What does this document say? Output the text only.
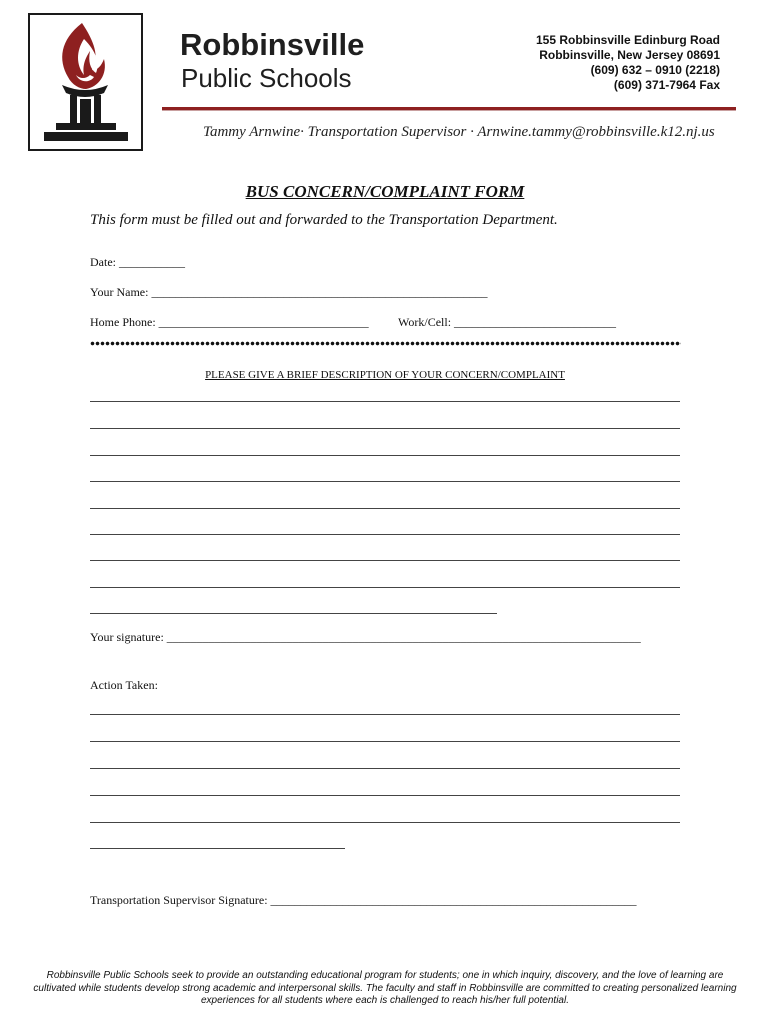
Robbinsville
Public Schools
155 Robbinsville Edinburg Road
Robbinsville, New Jersey 08691
(609) 632 – 0910 (2218)
(609) 371-7964 Fax
Tammy Arnwine· Transportation Supervisor · Arnwine.tammy@robbinsville.k12.nj.us
BUS CONCERN/COMPLAINT FORM
This form must be filled out and forwarded to the Transportation Department.
Date: ___________
Your Name: ________________________________________________________
Home Phone: ___________________________________ Work/Cell: ___________________________
PLEASE GIVE A BRIEF DESCRIPTION OF YOUR CONCERN/COMPLAINT
Your signature: _______________________________________________________________________________
Action Taken:
Transportation Supervisor Signature: _____________________________________________________________
Robbinsville Public Schools seek to provide an outstanding educational program for students; one in which inquiry, discovery, and the love of learning are cultivated while students develop strong academic and interpersonal skills. The faculty and staff in Robbinsville are committed to creating personalized learning experiences for all students where each is challenged to reach his/her full potential.
